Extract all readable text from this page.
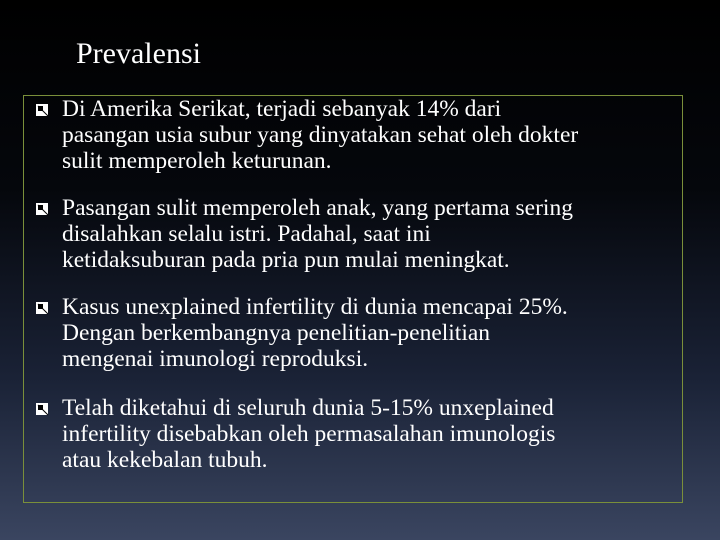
Prevalensi

Di Amerika Serikat, terjadi sebanyak 14% dari
pasangan usia subur yang dinyatakan sehat oleh dokter
sulit memperoleh keturunan.

Pasangan sulit memperoleh anak, yang pertama sering
disalahkan selalu istri. Padahal, saat ini
ketidaksuburan pada pria pun mulai meningkat.

Kasus unexplained infertility di dunia mencapai 25%.
Dengan berkembangnya penelitian-penelitian
mengenai imunologi reproduksi.

Telah diketahui di seluruh dunia 5-15% unxeplained
infertility disebabkan oleh permasalahan imunologis
atau kekebalan tubuh.
